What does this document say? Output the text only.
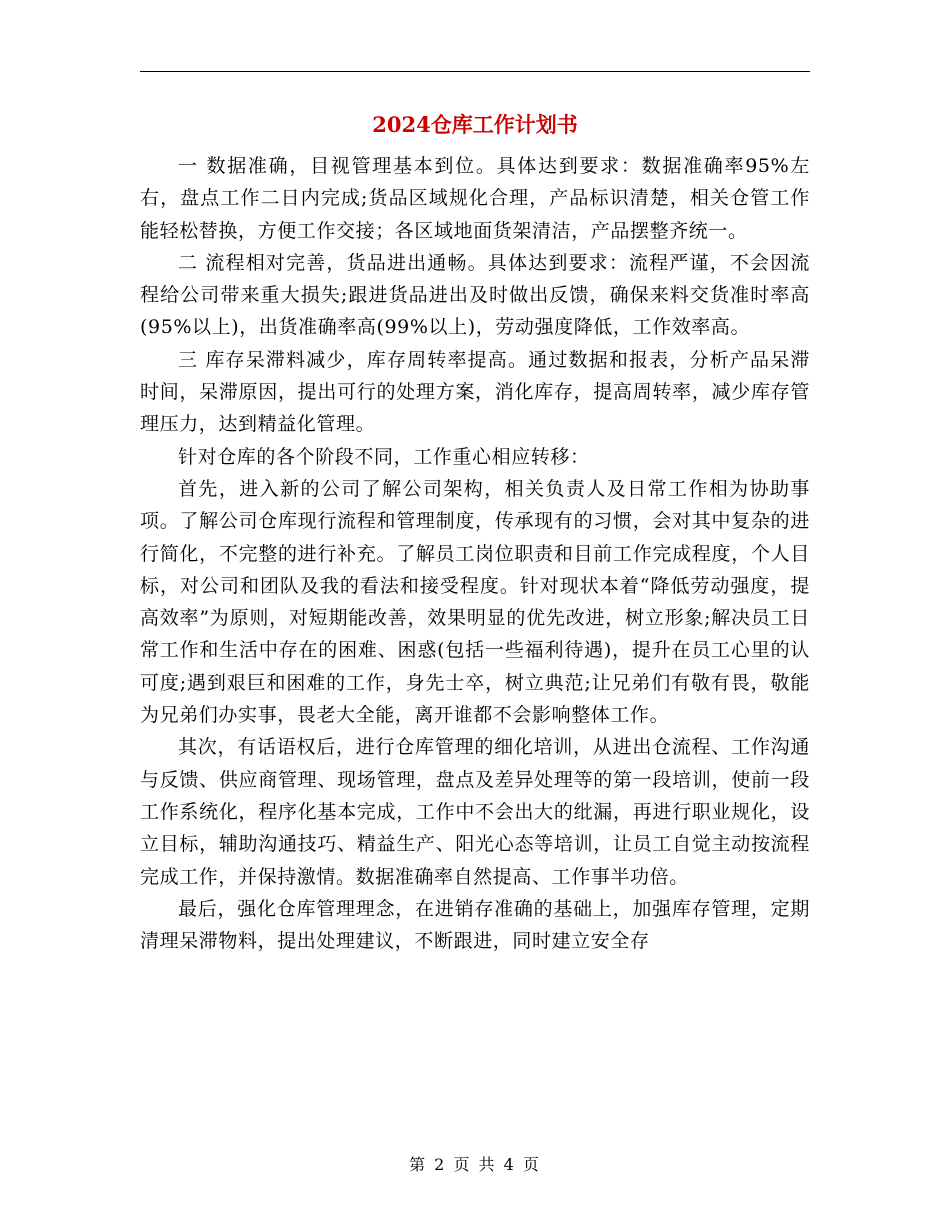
2024仓库工作计划书

一 数据准确，目视管理基本到位。具体达到要求：数据准确率95%左右，盘点工作二日内完成;货品区域规化合理，产品标识清楚，相关仓管工作能轻松替换，方便工作交接；各区域地面货架清洁，产品摆整齐统一。

二 流程相对完善，货品进出通畅。具体达到要求：流程严谨，不会因流程给公司带来重大损失;跟进货品进出及时做出反馈，确保来料交货准时率高(95%以上)，出货准确率高(99%以上)，劳动强度降低，工作效率高。

三 库存呆滞料减少，库存周转率提高。通过数据和报表，分析产品呆滞时间，呆滞原因，提出可行的处理方案，消化库存，提高周转率，减少库存管理压力，达到精益化管理。

针对仓库的各个阶段不同，工作重心相应转移：

首先，进入新的公司了解公司架构，相关负责人及日常工作相为协助事项。了解公司仓库现行流程和管理制度，传承现有的习惯，会对其中复杂的进行简化，不完整的进行补充。了解员工岗位职责和目前工作完成程度，个人目标，对公司和团队及我的看法和接受程度。针对现状本着“降低劳动强度，提高效率”为原则，对短期能改善，效果明显的优先改进，树立形象;解决员工日常工作和生活中存在的困难、困惑(包括一些福利待遇)，提升在员工心里的认可度;遇到艰巨和困难的工作，身先士卒，树立典范;让兄弟们有敬有畏，敬能为兄弟们办实事，畏老大全能，离开谁都不会影响整体工作。

其次，有话语权后，进行仓库管理的细化培训，从进出仓流程、工作沟通与反馈、供应商管理、现场管理，盘点及差异处理等的第一段培训，使前一段工作系统化，程序化基本完成，工作中不会出大的纰漏，再进行职业规化，设立目标，辅助沟通技巧、精益生产、阳光心态等培训，让员工自觉主动按流程完成工作，并保持激情。数据准确率自然提高、工作事半功倍。

最后，强化仓库管理理念，在进销存准确的基础上，加强库存管理，定期清理呆滞物料，提出处理建议，不断跟进，同时建立安全存

第 2 页 共 4 页
